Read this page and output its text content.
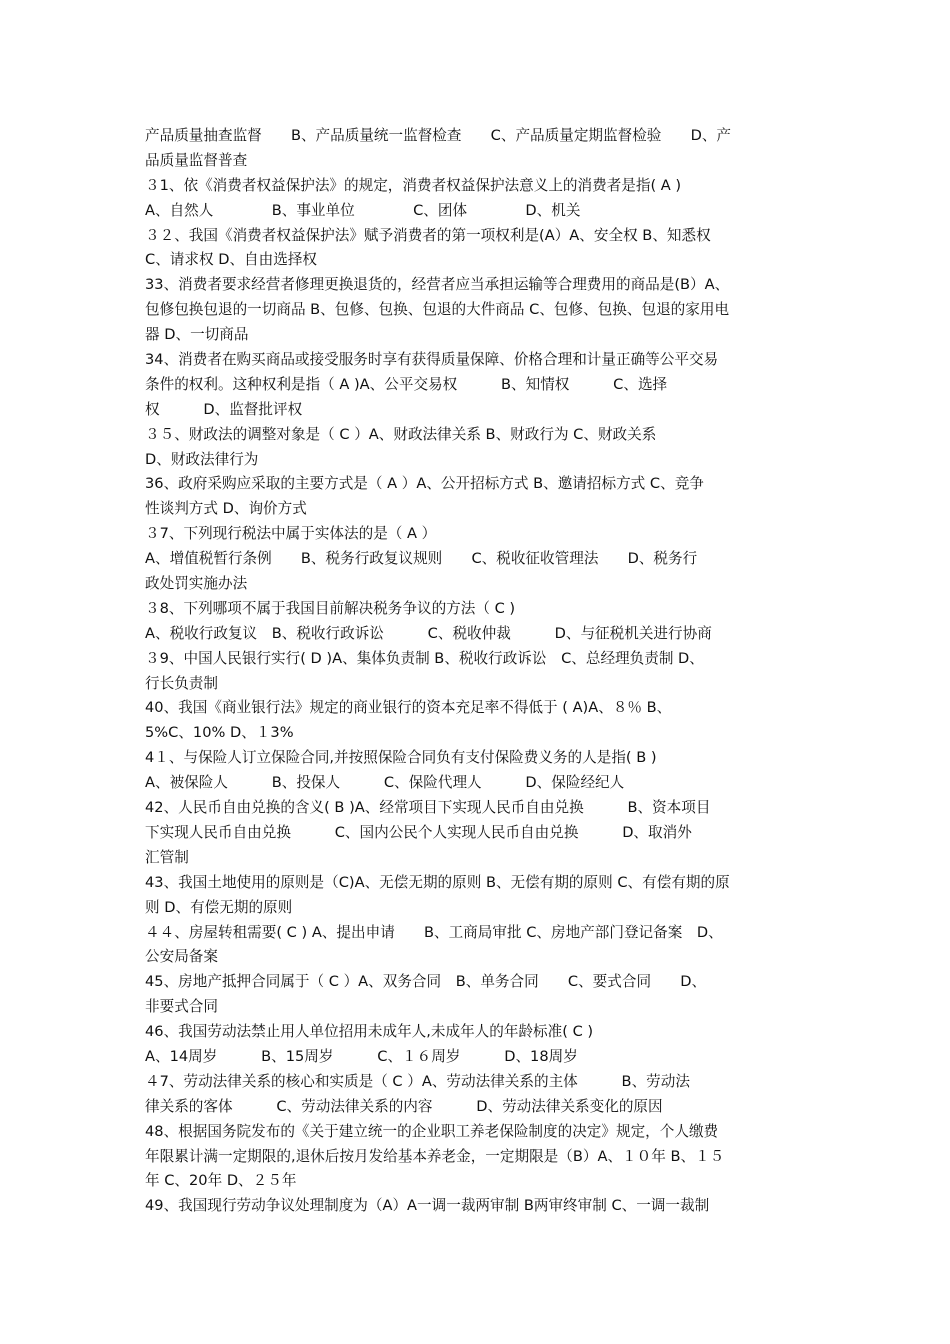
产品质量抽查监督　　B、产品质量统一监督检查　　C、产品质量定期监督检验　　D、产
品质量监督普查
３1、依《消费者权益保护法》的规定，消费者权益保护法意义上的消费者是指( A )
A、自然人　　　　B、事业单位　　　　C、团体　　　　D、机关
３２、我国《消费者权益保护法》赋予消费者的第一项权利是(A）A、安全权 B、知悉权
C、请求权 D、自由选择权
33、消费者要求经营者修理更换退货的，经营者应当承担运输等合理费用的商品是(B）A、
包修包换包退的一切商品 B、包修、包换、包退的大件商品 C、包修、包换、包退的家用电
器 D、一切商品
34、消费者在购买商品或接受服务时享有获得质量保障、价格合理和计量正确等公平交易
条件的权利。这种权利是指（ A )A、公平交易权　　　B、知情权　　　C、选择
权　　　D、监督批评权
３５、财政法的调整对象是（ C ）A、财政法律关系 B、财政行为 C、财政关系
D、财政法律行为
36、政府采购应采取的主要方式是（ A ）A、公开招标方式 B、邀请招标方式 C、竞争
性谈判方式 D、询价方式
３7、下列现行税法中属于实体法的是（ A ）
A、增值税暂行条例　　B、税务行政复议规则　　C、税收征收管理法　　D、税务行
政处罚实施办法
３8、下列哪项不属于我国目前解决税务争议的方法（ C )
A、税收行政复议　B、税收行政诉讼　　　C、税收仲裁　　　D、与征税机关进行协商
３9、中国人民银行实行( D )A、集体负责制 B、税收行政诉讼　C、总经理负责制 D、
行长负责制
40、我国《商业银行法》规定的商业银行的资本充足率不得低于 ( A)A、８％ B、
5%C、10% D、１3%
4１、与保险人订立保险合同,并按照保险合同负有支付保险费义务的人是指( B )
A、被保险人　　　B、投保人　　　C、保险代理人　　　D、保险经纪人
42、人民币自由兑换的含义( B )A、经常项目下实现人民币自由兑换　　　B、资本项目
下实现人民币自由兑换　　　C、国内公民个人实现人民币自由兑换　　　D、取消外
汇管制
43、我国土地使用的原则是（C)A、无偿无期的原则 B、无偿有期的原则 C、有偿有期的原
则 D、有偿无期的原则
４４、房屋转租需要( C ) A、提出申请　　B、工商局审批 C、房地产部门登记备案　D、
公安局备案
45、房地产抵押合同属于（ C ）A、双务合同　B、单务合同　　C、要式合同　　D、
非要式合同
46、我国劳动法禁止用人单位招用未成年人,未成年人的年龄标准( C )
A、14周岁　　　B、15周岁　　　C、１６周岁　　　D、18周岁
４7、劳动法律关系的核心和实质是（ C ）A、劳动法律关系的主体　　　B、劳动法
律关系的客体　　　C、劳动法律关系的内容　　　D、劳动法律关系变化的原因
48、根据国务院发布的《关于建立统一的企业职工养老保险制度的决定》规定，个人缴费
年限累计满一定期限的,退休后按月发给基本养老金，一定期限是（B）A、１０年 B、１５
年 C、20年 D、２５年
49、我国现行劳动争议处理制度为（A）A一调一裁两审制 B两审终审制 C、一调一裁制
